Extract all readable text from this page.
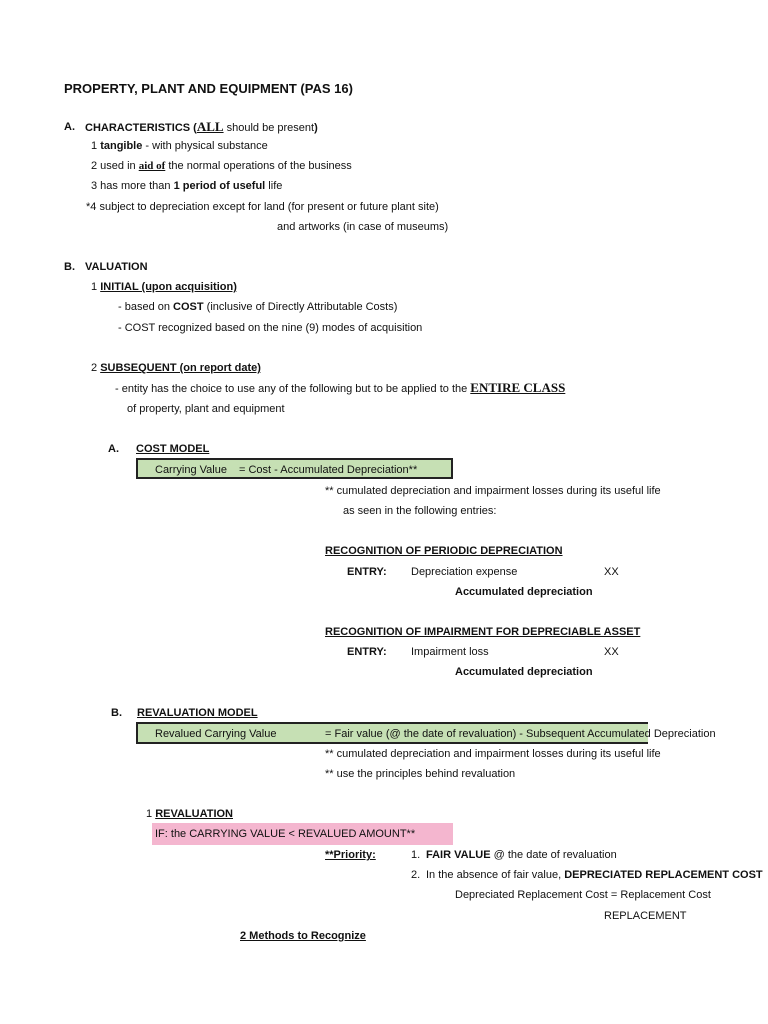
PROPERTY, PLANT AND EQUIPMENT (PAS 16)
A. CHARACTERISTICS (ALL should be present)
1 tangible - with physical substance
2 used in aid of the normal operations of the business
3 has more than 1 period of useful life
*4 subject to depreciation except for land (for present or future plant site)
and artworks (in case of museums)
B. VALUATION
1 INITIAL (upon acquisition)
- based on COST (inclusive of Directly Attributable Costs)
- COST recognized based on the nine (9) modes of acquisition
2 SUBSEQUENT (on report date)
- entity has the choice to use any of the following but to be applied to the ENTIRE CLASS
of property, plant and equipment
A. COST MODEL
Carrying Value = Cost - Accumulated Depreciation**
** cumulated depreciation and impairment losses during its useful life
as seen in the following entries:
RECOGNITION OF PERIODIC DEPRECIATION
ENTRY: Depreciation expense	XX
Accumulated depreciation
RECOGNITION OF IMPAIRMENT FOR DEPRECIABLE ASSET
ENTRY: Impairment loss	XX
Accumulated depreciation
B. REVALUATION MODEL
Revalued Carrying Value	= Fair value (@ the date of revaluation) - Subsequent Accumulated Depreciation
** cumulated depreciation and impairment losses during its useful life
** use the principles behind revaluation
1 REVALUATION
IF: the CARRYING VALUE < REVALUED AMOUNT**
**Priority:	1. FAIR VALUE @ the date of revaluation
2. In the absence of fair value, DEPRECIATED REPLACEMENT COST
Depreciated Replacement Cost = Replacement Cost
REPLACEMENT
2 Methods to Recognize
